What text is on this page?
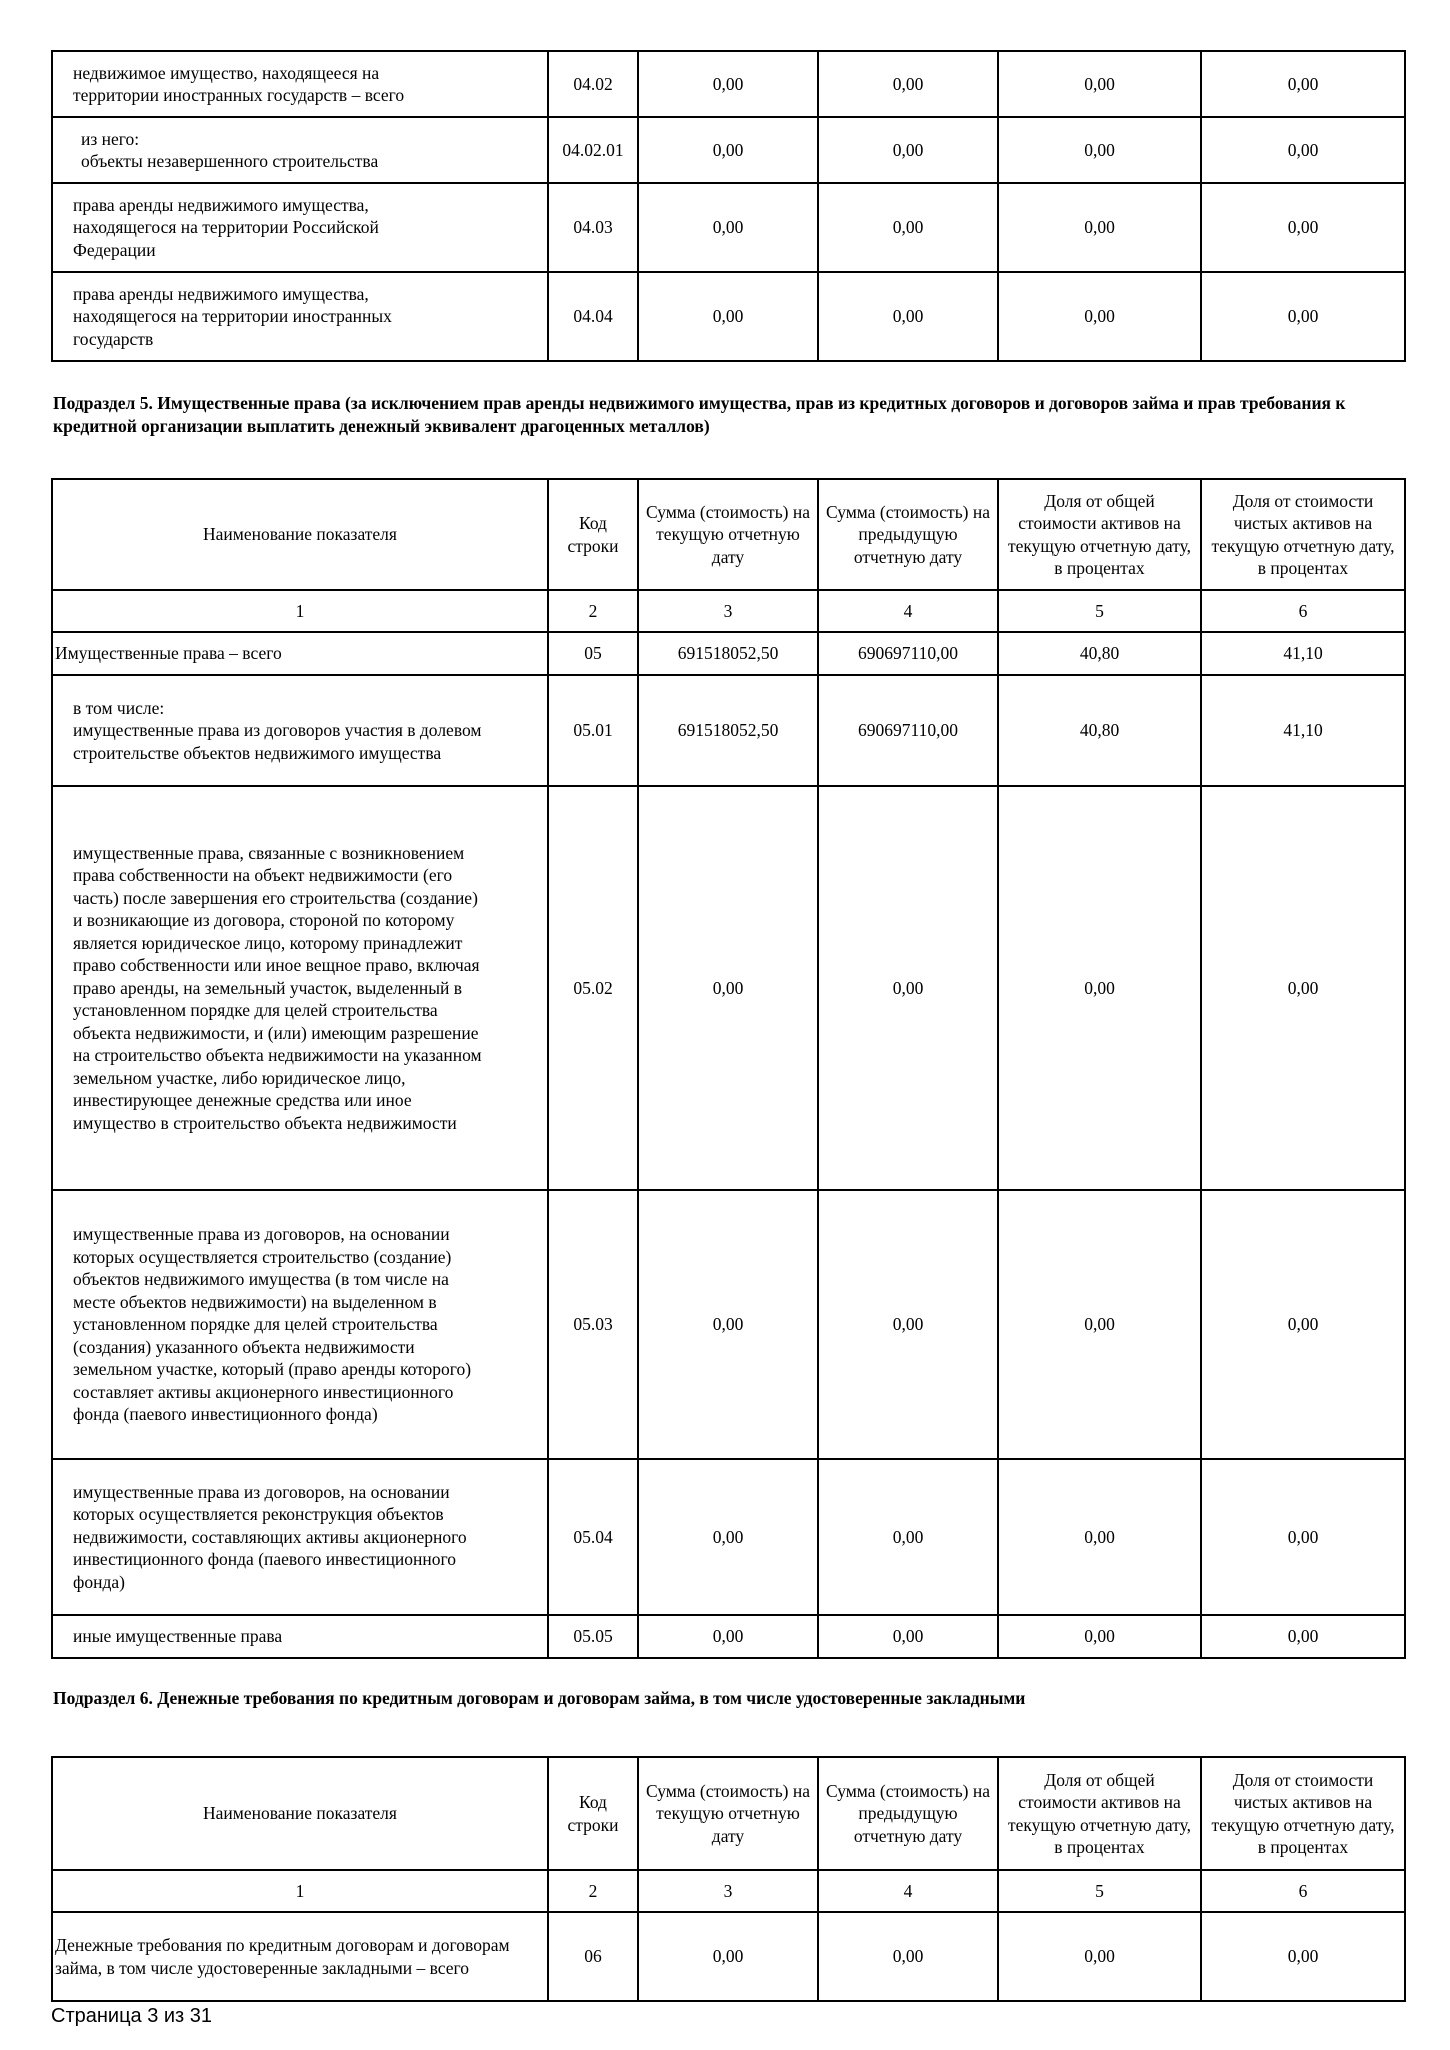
недвижимое имущество, находящееся на территории иностранных государств – всего	04.02	0,00	0,00	0,00	0,00
из него:
объекты незавершенного строительства	04.02.01	0,00	0,00	0,00	0,00
права аренды недвижимого имущества, находящегося на территории Российской Федерации	04.03	0,00	0,00	0,00	0,00
права аренды недвижимого имущества, находящегося на территории иностранных государств	04.04	0,00	0,00	0,00	0,00
Подраздел 5. Имущественные права (за исключением прав аренды недвижимого имущества, прав из кредитных договоров и договоров займа и прав требования к кредитной организации выплатить денежный эквивалент драгоценных металлов)
Наименование показателя	Код строки	Сумма (стоимость) на текущую отчетную дату	Сумма (стоимость) на предыдущую отчетную дату	Доля от общей стоимости активов на текущую отчетную дату, в процентах	Доля от стоимости чистых активов на текущую отчетную дату, в процентах
1	2	3	4	5	6
Имущественные права – всего	05	691518052,50	690697110,00	40,80	41,10
в том числе:
имущественные права из договоров участия в долевом строительстве объектов недвижимого имущества	05.01	691518052,50	690697110,00	40,80	41,10
имущественные права, связанные с возникновением права собственности на объект недвижимости (его часть) после завершения его строительства (создание) и возникающие из договора, стороной по которому является юридическое лицо, которому принадлежит право собственности или иное вещное право, включая право аренды, на земельный участок, выделенный в установленном порядке для целей строительства объекта недвижимости, и (или) имеющим разрешение на строительство объекта недвижимости на указанном земельном участке, либо юридическое лицо, инвестирующее денежные средства или иное имущество в строительство объекта недвижимости	05.02	0,00	0,00	0,00	0,00
имущественные права из договоров, на основании которых осуществляется строительство (создание) объектов недвижимого имущества (в том числе на месте объектов недвижимости) на выделенном в установленном порядке для целей строительства (создания) указанного объекта недвижимости земельном участке, который (право аренды которого) составляет активы акционерного инвестиционного фонда (паевого инвестиционного фонда)	05.03	0,00	0,00	0,00	0,00
имущественные права из договоров, на основании которых осуществляется реконструкция объектов недвижимости, составляющих активы акционерного инвестиционного фонда (паевого инвестиционного фонда)	05.04	0,00	0,00	0,00	0,00
иные имущественные права	05.05	0,00	0,00	0,00	0,00
Подраздел 6. Денежные требования по кредитным договорам и договорам займа, в том числе удостоверенные закладными
Наименование показателя	Код строки	Сумма (стоимость) на текущую отчетную дату	Сумма (стоимость) на предыдущую отчетную дату	Доля от общей стоимости активов на текущую отчетную дату, в процентах	Доля от стоимости чистых активов на текущую отчетную дату, в процентах
1	2	3	4	5	6
Денежные требования по кредитным договорам и договорам займа, в том числе удостоверенные закладными – всего	06	0,00	0,00	0,00	0,00
Страница 3 из 31
